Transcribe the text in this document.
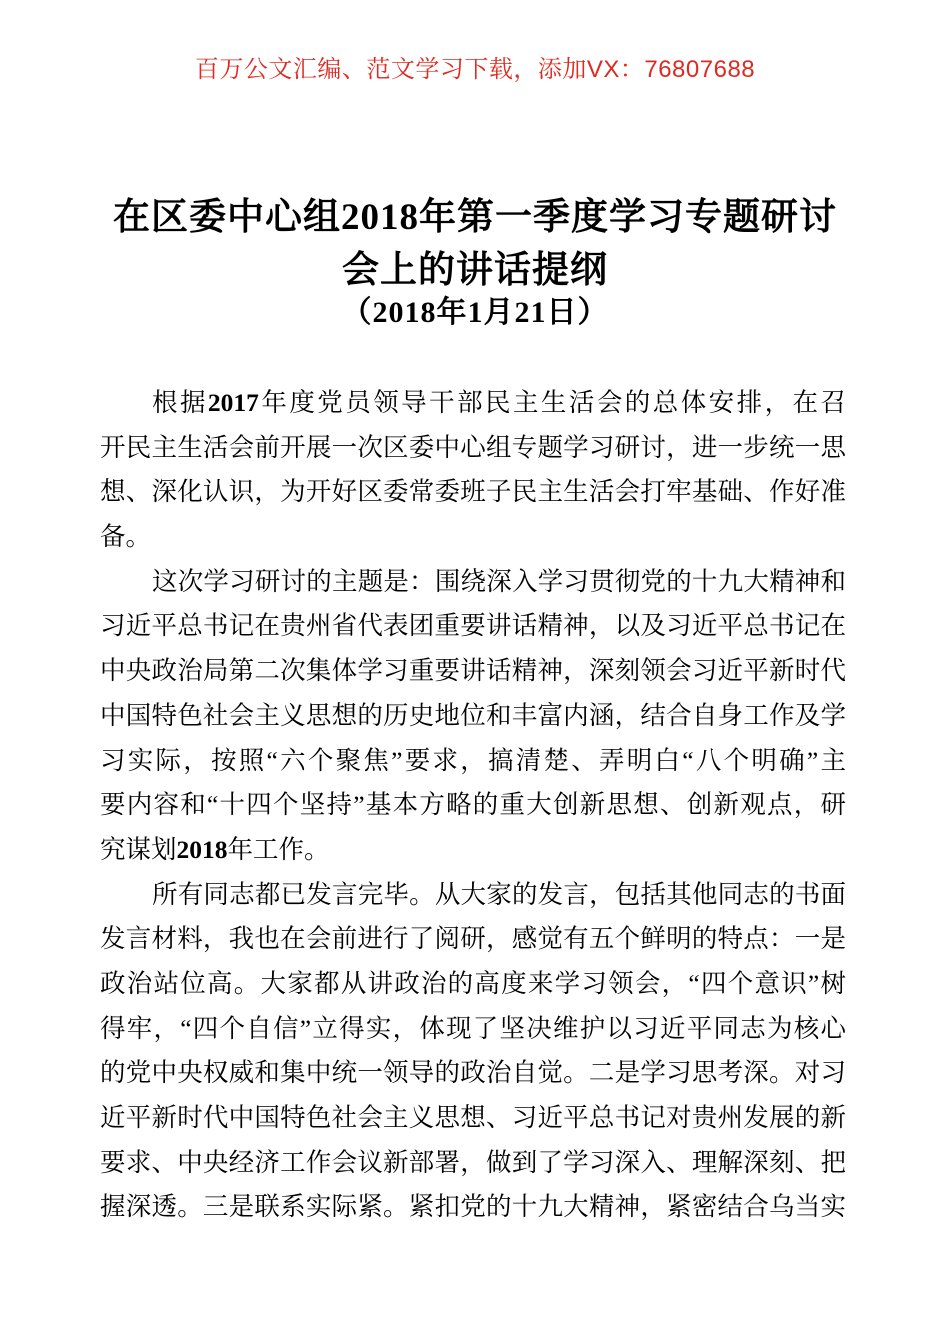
百万公文汇编、范文学习下载，添加VX：76807688
在区委中心组2018年第一季度学习专题研讨
会上的讲话提纲
（2018年1月21日）
根据2017年度党员领导干部民主生活会的总体安排，在召
开民主生活会前开展一次区委中心组专题学习研讨，进一步统一思
想、深化认识，为开好区委常委班子民主生活会打牢基础、作好准
备。
这次学习研讨的主题是：围绕深入学习贯彻党的十九大精神和
习近平总书记在贵州省代表团重要讲话精神，以及习近平总书记在
中央政治局第二次集体学习重要讲话精神，深刻领会习近平新时代
中国特色社会主义思想的历史地位和丰富内涵，结合自身工作及学
习实际，按照“六个聚焦”要求，搞清楚、弄明白“八个明确”主
要内容和“十四个坚持”基本方略的重大创新思想、创新观点，研
究谋划2018年工作。
所有同志都已发言完毕。从大家的发言，包括其他同志的书面
发言材料，我也在会前进行了阅研，感觉有五个鲜明的特点：一是
政治站位高。大家都从讲政治的高度来学习领会，“四个意识”树
得牢，“四个自信”立得实，体现了坚决维护以习近平同志为核心
的党中央权威和集中统一领导的政治自觉。二是学习思考深。对习
近平新时代中国特色社会主义思想、习近平总书记对贵州发展的新
要求、中央经济工作会议新部署，做到了学习深入、理解深刻、把
握深透。三是联系实际紧。紧扣党的十九大精神，紧密结合乌当实
